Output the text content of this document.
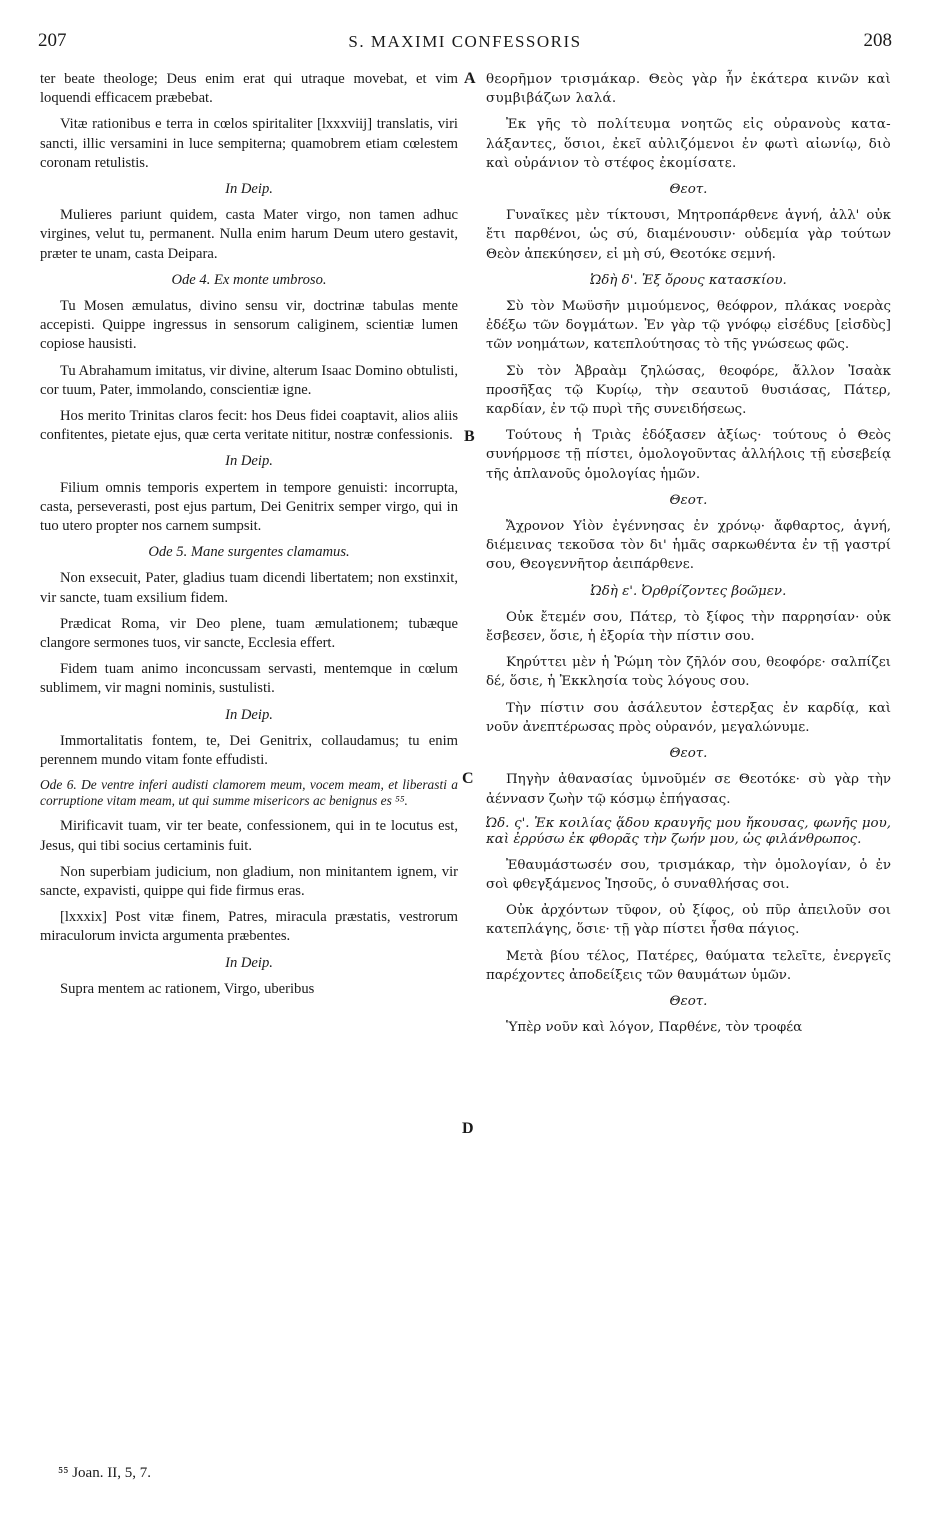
207	S. MAXIMI CONFESSORIS	208
A
B
C
D

ter beate theologe; Deus enim erat qui utraque movebat, et vim loquendi efficacem præbebat.

Vitæ rationibus e terra in cœlos spiritaliter [lxxxviij] translatis, viri sancti, illic versamini in luce sempiterna; quamobrem etiam cœlestem coronam retulistis.

In Deip.

Mulieres pariunt quidem, casta Mater virgo, non tamen adhuc virgines, velut tu, permanent. Nulla enim harum Deum utero gestavit, præter te unam, casta Deipara.

Ode 4. Ex monte umbroso.

Tu Mosen æmulatus, divino sensu vir, doctrinæ tabulas mente accepisti. Quippe ingressus in sensorum caliginem, scientiæ lumen copiose hausisti.

Tu Abrahamum imitatus, vir divine, alterum Isaac Domino obtulisti, cor tuum, Pater, immolando, conscientiæ igne.

Hos merito Trinitas claros fecit: hos Deus fidei coaptavit, alios aliis confitentes, pietate ejus, quæ certa veritate nititur, nostræ confessionis.

In Deip.

Filium omnis temporis expertem in tempore genuisti: incorrupta, casta, perseverasti, post ejus partum, Dei Genitrix semper virgo, qui in tuo utero propter nos carnem sumpsit.

Ode 5. Mane surgentes clamamus.

Non exsecuit, Pater, gladius tuam dicendi libertatem; non exstinxit, vir sancte, tuam exsilium fidem.

Prædicat Roma, vir Deo plene, tuam æmulationem; tubæque clangore sermones tuos, vir sancte, Ecclesia effert.

Fidem tuam animo inconcussam servasti, mentemque in cœlum sublimem, vir magni nominis, sustulisti.

In Deip.

Immortalitatis fontem, te, Dei Genitrix, collaudamus; tu enim perennem mundo vitam fonte effudisti.

Ode 6. De ventre inferi audisti clamorem meum, vocem meam, et liberasti a corruptione vitam meam, ut qui summe misericors ac benignus es ⁵⁵.

Mirificavit tuam, vir ter beate, confessionem, qui in te locutus est, Jesus, qui tibi socius certaminis fuit.

Non superbiam judicium, non gladium, non minitantem ignem, vir sancte, expavisti, quippe qui fide firmus eras.

[lxxxix] Post vitæ finem, Patres, miracula præstatis, vestrorum miraculorum invicta argumenta præbentes.

In Deip.

Supra mentem ac rationem, Virgo, uberibus

θεορῆμον τρισμάκαρ. Θεὸς γὰρ ἦν ἑκάτερα κινῶν καὶ συμβιβάζων λαλά.

Ἐκ γῆς τὸ πολίτευμα νοητῶς εἰς οὐρανοὺς κατα-λάξαντες, ὅσιοι, ἐκεῖ αὐλιζόμενοι ἐν φωτὶ αἰωνίῳ, διὸ καὶ οὐράνιον τὸ στέφος ἐκομίσατε.

Θεοτ.

Γυναῖκες μὲν τίκτουσι, Μητροπάρθενε ἁγνή, ἀλλ' οὐκ ἔτι παρθένοι, ὡς σύ, διαμένουσιν· οὐδεμία γὰρ τούτων Θεὸν ἀπεκύησεν, εἰ μὴ σύ, Θεοτόκε σεμνή.

Ὠδὴ δ'. Ἐξ ὄρους κατασκίου.

Σὺ τὸν Μωϋσῆν μιμούμενος, θεόφρον, πλάκας νοερὰς ἐδέξω τῶν δογμάτων. Ἐν γὰρ τῷ γνόφῳ εἰσέδυς [εἰσδὺς] τῶν νοημάτων, κατεπλούτησας τὸ τῆς γνώσεως φῶς.

Σὺ τὸν Ἀβραὰμ ζηλώσας, θεοφόρε, ἄλλον Ἰσαὰκ προσῆξας τῷ Κυρίῳ, τὴν σεαυτοῦ θυσιάσας, Πάτερ, καρδίαν, ἐν τῷ πυρὶ τῆς συνειδήσεως.

Τούτους ἡ Τριὰς ἐδόξασεν ἀξίως· τούτους ὁ Θεὸς συνήρμοσε τῇ πίστει, ὁμολογοῦντας ἀλλήλοις τῇ εὐσεβείᾳ τῆς ἀπλανοῦς ὁμολογίας ἡμῶν.

Θεοτ.

Ἄχρονον Υἱὸν ἐγέννησας ἐν χρόνῳ· ἄφθαρτος, ἁγνή, διέμεινας τεκοῦσα τὸν δι' ἡμᾶς σαρκωθέντα ἐν τῇ γαστρί σου, Θεογεννῆτορ ἀειπάρθενε.

Ὠδὴ ε'. Ὀρθρίζοντες βοῶμεν.

Οὐκ ἔτεμέν σου, Πάτερ, τὸ ξίφος τὴν παρρησίαν· οὐκ ἔσβεσεν, ὅσιε, ἡ ἐξορία τὴν πίστιν σου.

Κηρύττει μὲν ἡ Ῥώμη τὸν ζῆλόν σου, θεοφόρε· σαλπίζει δέ, ὅσιε, ἡ Ἐκκλησία τοὺς λόγους σου.

Τὴν πίστιν σου ἀσάλευτον ἐστερξας ἐν καρδίᾳ, καὶ νοῦν ἀνεπτέρωσας πρὸς οὐρανόν, μεγαλώνυμε.

Θεοτ.

Πηγὴν ἀθανασίας ὑμνοῦμέν σε Θεοτόκε· σὺ γὰρ τὴν ἀέννασν ζωὴν τῷ κόσμῳ ἐπήγασας.

Ὠδ. ς'. Ἐκ κοιλίας ᾅδου κραυγῆς μου ἤκουσας, φωνῆς μου, καὶ ἐρρύσω ἐκ φθορᾶς τὴν ζωήν μου, ὡς φιλάνθρωπος.

Ἐθαυμάστωσέν σου, τρισμάκαρ, τὴν ὁμολογίαν, ὁ ἐν σοὶ φθεγξάμενος Ἰησοῦς, ὁ συναθλήσας σοι.

Οὐκ ἀρχόντων τῦφον, οὐ ξίφος, οὐ πῦρ ἀπειλοῦν σοι κατεπλάγης, ὅσιε· τῇ γὰρ πίστει ἦσθα πάγιος.

Μετὰ βίου τέλος, Πατέρες, θαύματα τελεῖτε, ἐνεργεῖς παρέχοντες ἀποδείξεις τῶν θαυμάτων ὑμῶν.

Θεοτ.

Ὑπὲρ νοῦν καὶ λόγον, Παρθένε, τὸν τροφέα

⁵⁵ Joan. II, 5, 7.
